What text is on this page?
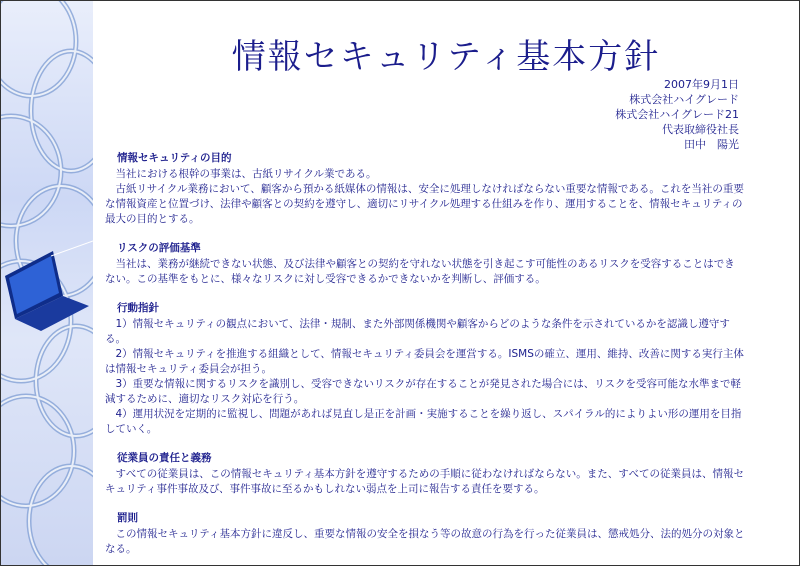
情報セキュリティ基本方針
2007年9月1日
株式会社ハイグレード
株式会社ハイグレード21
代表取締役社長
田中　陽光
情報セキュリティの目的

当社における根幹の事業は、古紙リサイクル業である。

古紙リサイクル業務において、顧客から預かる紙媒体の情報は、安全に処理しなければならない重要な情報である。これを当社の重要な情報資産と位置づけ、法律や顧客との契約を遵守し、適切にリサイクル処理する仕組みを作り、運用することを、情報セキュリティの最大の目的とする。

リスクの評価基準

当社は、業務が継続できない状態、及び法律や顧客との契約を守れない状態を引き起こす可能性のあるリスクを受容することはできない。この基準をもとに、様々なリスクに対し受容できるかできないかを判断し、評価する。

行動指針

1）情報セキュリティの観点において、法律・規制、また外部関係機関や顧客からどのような条件を示されているかを認識し遵守する。

2）情報セキュリティを推進する組織として、情報セキュリティ委員会を運営する。ISMSの確立、運用、維持、改善に関する実行主体は情報セキュリティ委員会が担う。

3）重要な情報に関するリスクを識別し、受容できないリスクが存在することが発見された場合には、リスクを受容可能な水準まで軽減するために、適切なリスク対応を行う。

4）運用状況を定期的に監視し、問題があれば見直し是正を計画・実施することを繰り返し、スパイラル的によりよい形の運用を目指していく。

従業員の責任と義務

すべての従業員は、この情報セキュリティ基本方針を遵守するための手順に従わなければならない。また、すべての従業員は、情報セキュリティ事件事故及び、事件事故に至るかもしれない弱点を上司に報告する責任を要する。

罰則

この情報セキュリティ基本方針に違反し、重要な情報の安全を損なう等の故意の行為を行った従業員は、懲戒処分、法的処分の対象となる。
